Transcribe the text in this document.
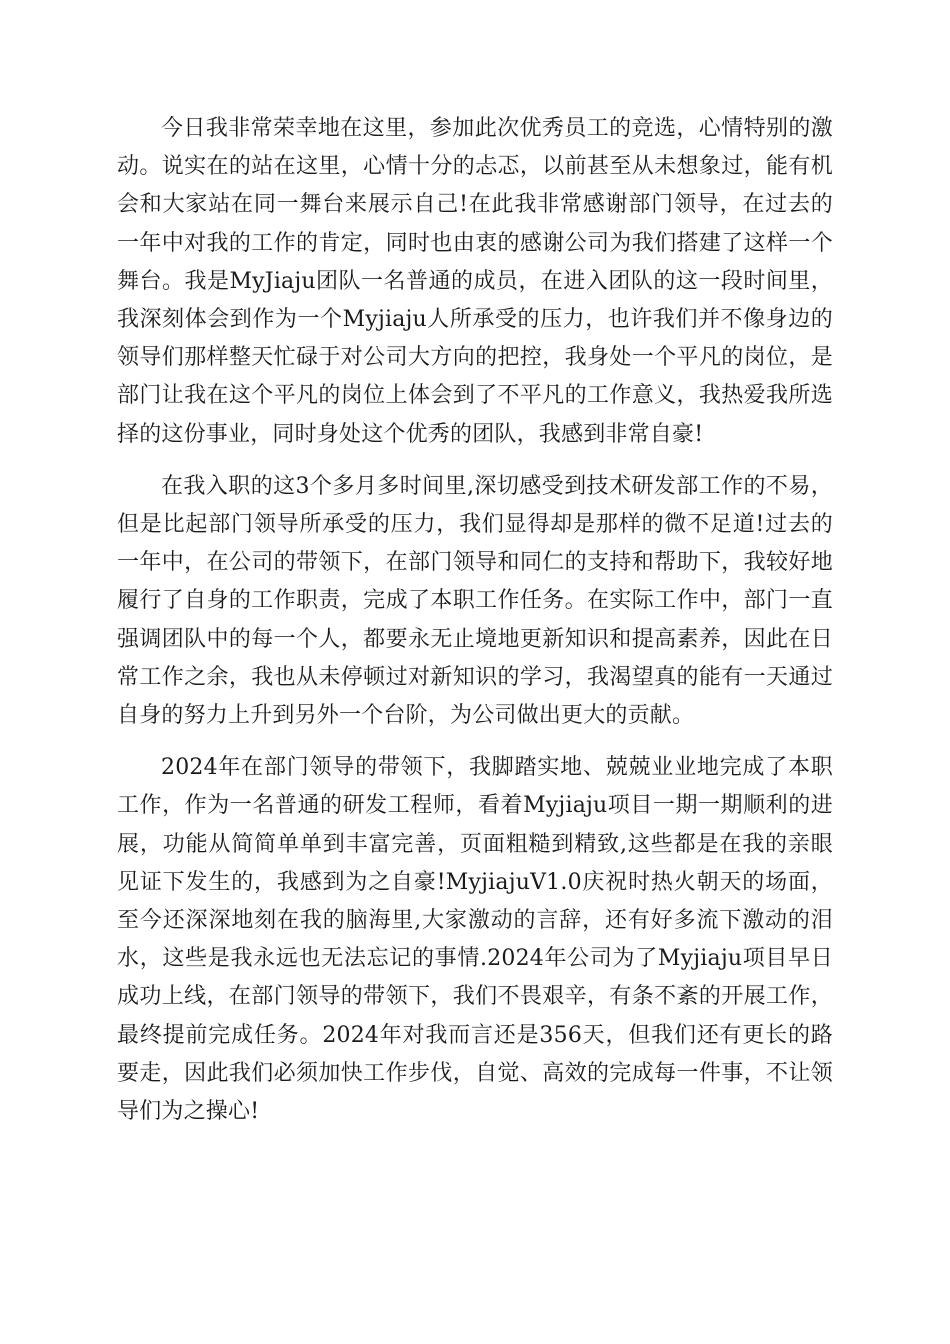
今日我非常荣幸地在这里，参加此次优秀员工的竞选，心情特别的激动。说实在的站在这里，心情十分的忐忑，以前甚至从未想象过，能有机会和大家站在同一舞台来展示自己!在此我非常感谢部门领导，在过去的一年中对我的工作的肯定，同时也由衷的感谢公司为我们搭建了这样一个舞台。我是MyJiaju团队一名普通的成员，在进入团队的这一段时间里，我深刻体会到作为一个Myjiaju人所承受的压力，也许我们并不像身边的领导们那样整天忙碌于对公司大方向的把控，我身处一个平凡的岗位，是部门让我在这个平凡的岗位上体会到了不平凡的工作意义，我热爱我所选择的这份事业，同时身处这个优秀的团队，我感到非常自豪!

在我入职的这3个多月多时间里,深切感受到技术研发部工作的不易，但是比起部门领导所承受的压力，我们显得却是那样的微不足道!过去的一年中，在公司的带领下，在部门领导和同仁的支持和帮助下，我较好地履行了自身的工作职责，完成了本职工作任务。在实际工作中，部门一直强调团队中的每一个人，都要永无止境地更新知识和提高素养，因此在日常工作之余，我也从未停顿过对新知识的学习，我渴望真的能有一天通过自身的努力上升到另外一个台阶，为公司做出更大的贡献。

2024年在部门领导的带领下，我脚踏实地、兢兢业业地完成了本职工作，作为一名普通的研发工程师，看着Myjiaju项目一期一期顺利的进展，功能从简简单单到丰富完善，页面粗糙到精致,这些都是在我的亲眼见证下发生的，我感到为之自豪!MyjiajuV1.0庆祝时热火朝天的场面，至今还深深地刻在我的脑海里,大家激动的言辞，还有好多流下激动的泪水，这些是我永远也无法忘记的事情.2024年公司为了Myjiaju项目早日成功上线，在部门领导的带领下，我们不畏艰辛，有条不紊的开展工作，最终提前完成任务。2024年对我而言还是356天，但我们还有更长的路要走，因此我们必须加快工作步伐，自觉、高效的完成每一件事，不让领导们为之操心!
